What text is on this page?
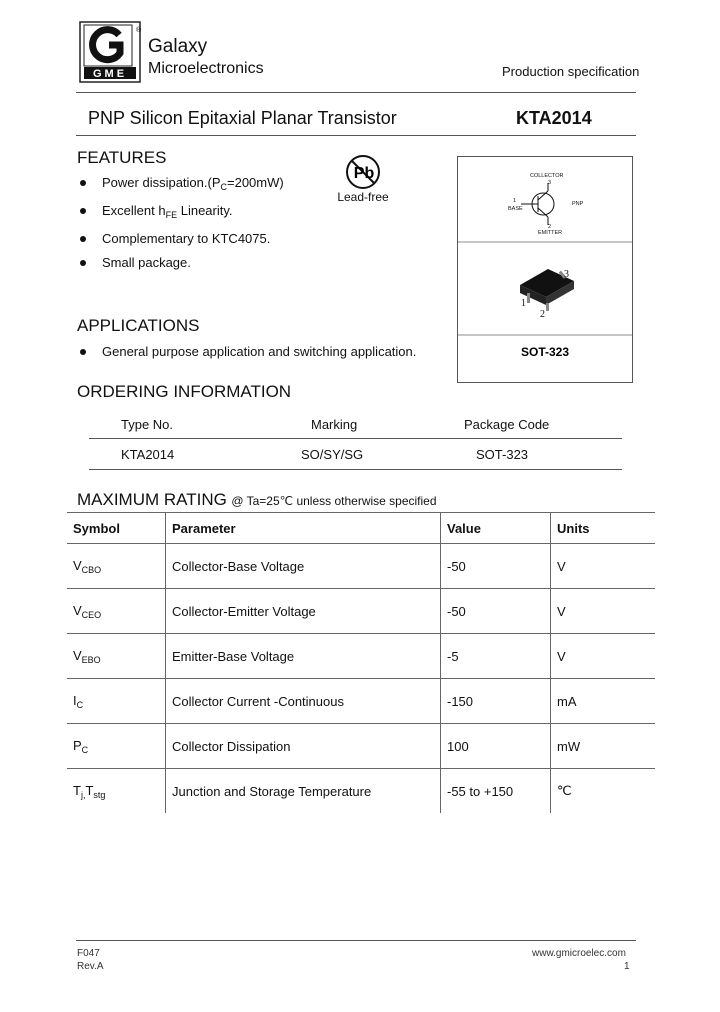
GME
®
Galaxy
Microelectronics	Production specification
PNP Silicon Epitaxial Planar Transistor	KTA2014
FEATURES
Power $dissipation.(P_C=200mW)$
Excellent $h_{FE}$ Linearity.
Complementary to KTC4075.
Small package.
Pb
Lead-free
COLLECTOR
BASE
EMITTER
PNP
1
3
2
1
2
3
SOT-323
APPLICATIONS
General purpose application and switching application.
ORDERING INFORMATION
Type No.	Marking	Package Code
KTA2014	SO/SY/SG	SOT-323
MAXIMUM RATING @ Ta=25℃ unless otherwise specified
Symbol	Parameter	Value	Units
$V_{CBO}$	Collector-Base Voltage	-50	V
$V_{CEO}$	Collector-Emitter Voltage	-50	V
$V_{EBO}$	Emitter-Base Voltage	-5	V
$I_C$	Collector Current -Continuous	-150	mA
$P_C$	Collector Dissipation	100	mW
$T_{j,}T_{stg}$	Junction and Storage Temperature	-55 to +150	℃
F047
Rev.A
www.gmicroelec.com
1
